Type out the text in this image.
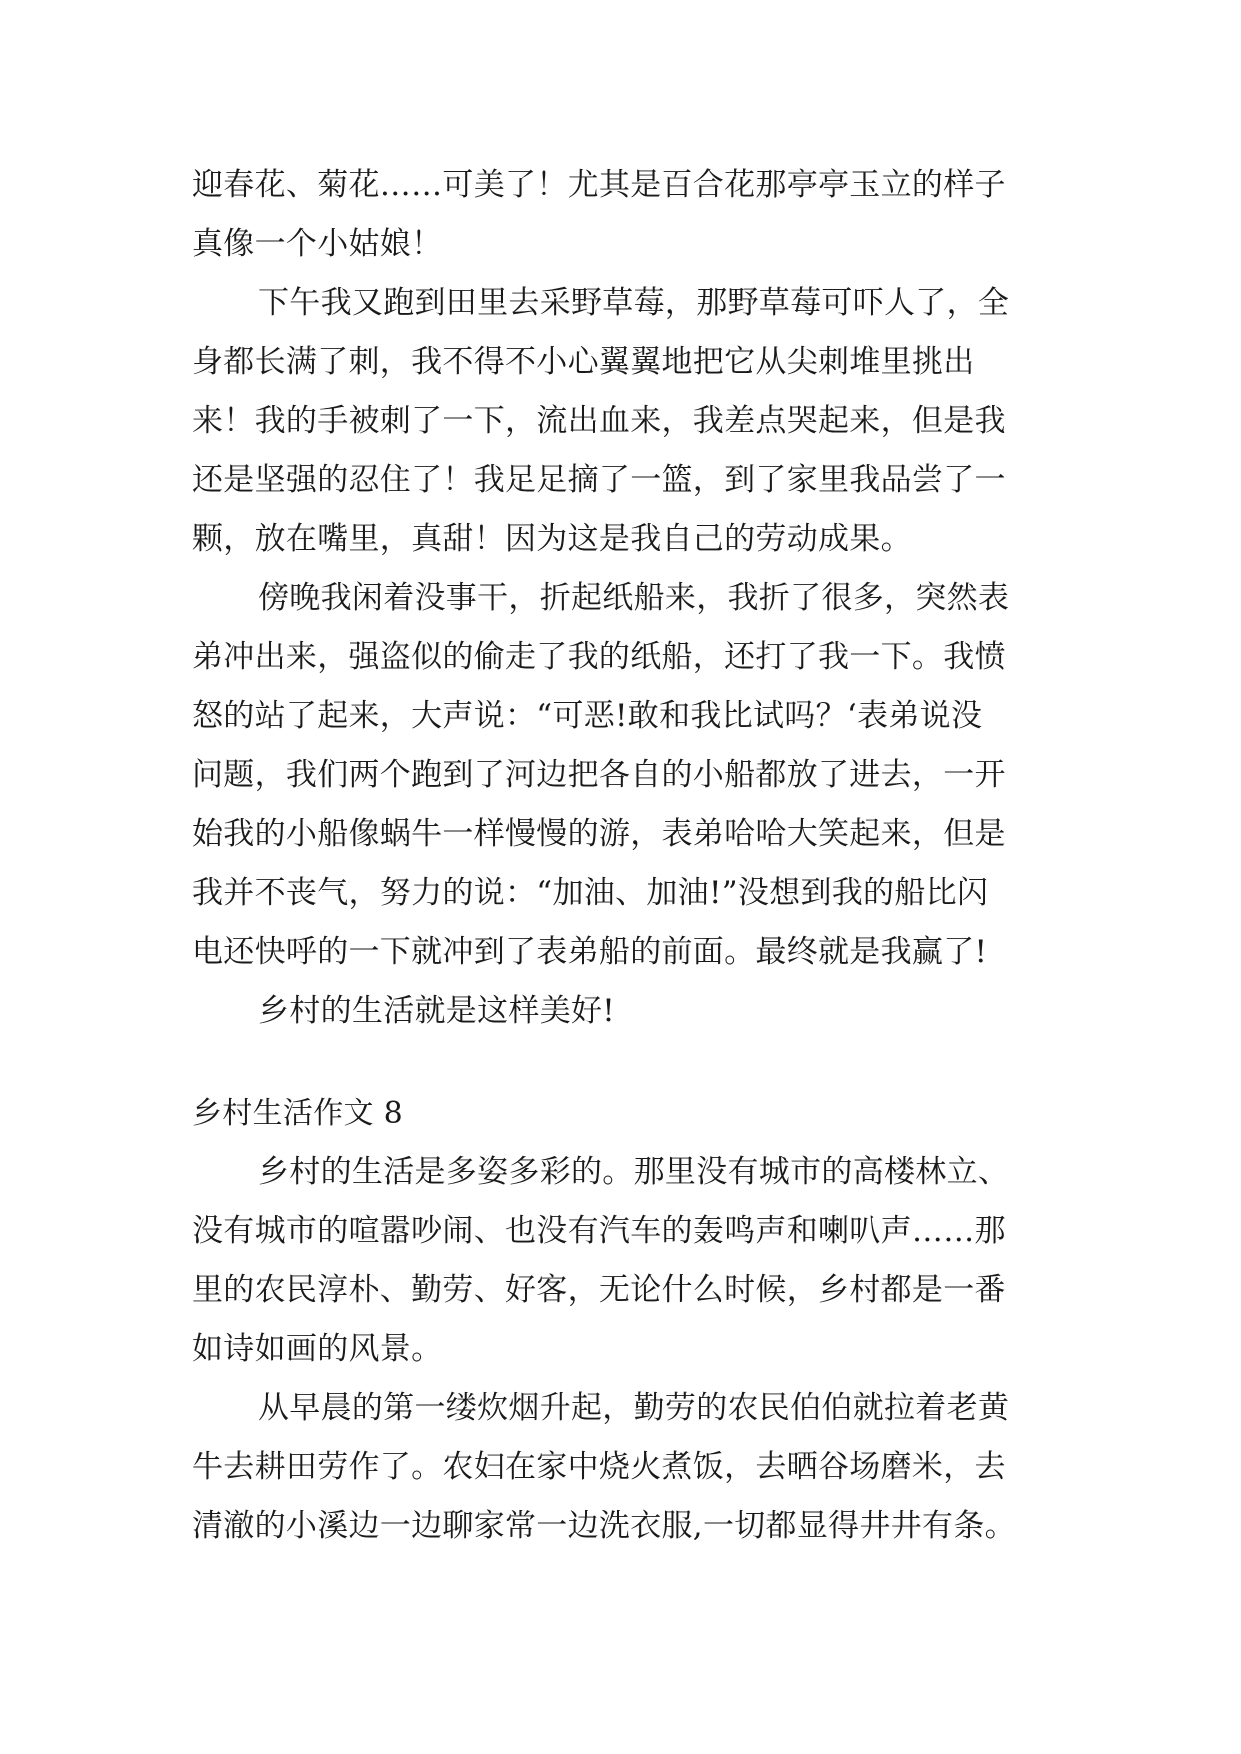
迎春花、菊花……可美了！尤其是百合花那亭亭玉立的样子
真像一个小姑娘！
下午我又跑到田里去采野草莓，那野草莓可吓人了，全
身都长满了刺，我不得不小心翼翼地把它从尖刺堆里挑出
来！我的手被刺了一下，流出血来，我差点哭起来，但是我
还是坚强的忍住了！我足足摘了一篮，到了家里我品尝了一
颗，放在嘴里，真甜！因为这是我自己的劳动成果。
傍晚我闲着没事干，折起纸船来，我折了很多，突然表
弟冲出来，强盗似的偷走了我的纸船，还打了我一下。我愤
怒的站了起来，大声说：“可恶!敢和我比试吗？‘表弟说没
问题，我们两个跑到了河边把各自的小船都放了进去，一开
始我的小船像蜗牛一样慢慢的游，表弟哈哈大笑起来，但是
我并不丧气，努力的说：“加油、加油!”没想到我的船比闪
电还快呼的一下就冲到了表弟船的前面。最终就是我赢了!
乡村的生活就是这样美好!
乡村生活作文 8
乡村的生活是多姿多彩的。那里没有城市的高楼林立、
没有城市的喧嚣吵闹、也没有汽车的轰鸣声和喇叭声……那
里的农民淳朴、勤劳、好客，无论什么时候，乡村都是一番
如诗如画的风景。
从早晨的第一缕炊烟升起，勤劳的农民伯伯就拉着老黄
牛去耕田劳作了。农妇在家中烧火煮饭，去晒谷场磨米，去
清澈的小溪边一边聊家常一边洗衣服,一切都显得井井有条。
